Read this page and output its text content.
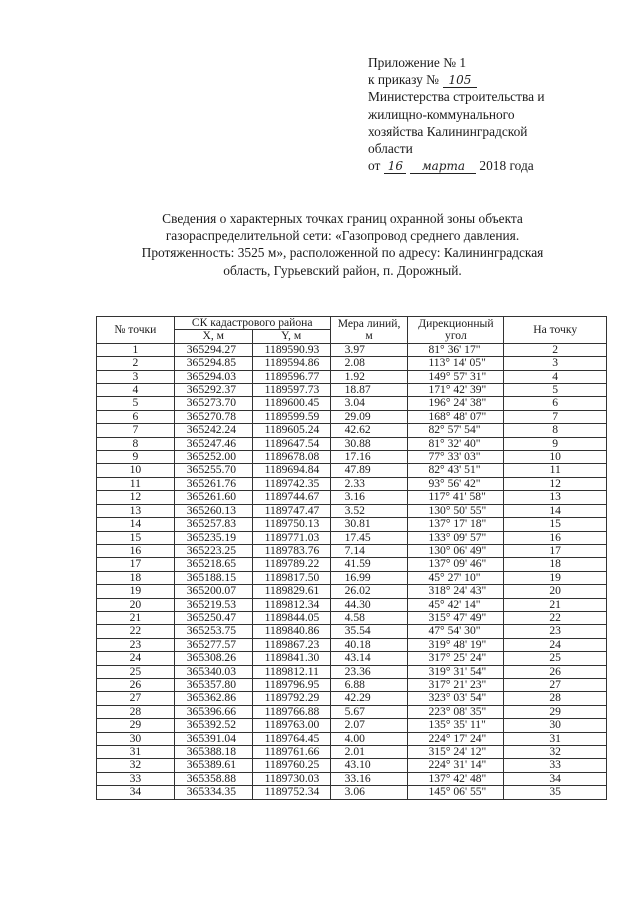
Приложение № 1
к приказу № 105
Министерства строительства и
жилищно-коммунального
хозяйства Калининградской
области
от 16 марта 2018 года
Сведения о характерных точках границ охранной зоны объекта
газораспределительной сети: «Газопровод среднего давления.
Протяженность: 3525 м», расположенной по адресу: Калининградская
область, Гурьевский район, п. Дорожный.
№ точки	СК кадастрового района		Мера линий, м	Дирекционный угол	На точку
	X, м	Y, м			
1	365294.27	1189590.93	3.97	81° 36' 17"	2
2	365294.85	1189594.86	2.08	113° 14' 05"	3
3	365294.03	1189596.77	1.92	149° 57' 31"	4
4	365292.37	1189597.73	18.87	171° 42' 39"	5
5	365273.70	1189600.45	3.04	196° 24' 38"	6
6	365270.78	1189599.59	29.09	168° 48' 07"	7
7	365242.24	1189605.24	42.62	82° 57' 54"	8
8	365247.46	1189647.54	30.88	81° 32' 40"	9
9	365252.00	1189678.08	17.16	77° 33' 03"	10
10	365255.70	1189694.84	47.89	82° 43' 51"	11
11	365261.76	1189742.35	2.33	93° 56' 42"	12
12	365261.60	1189744.67	3.16	117° 41' 58"	13
13	365260.13	1189747.47	3.52	130° 50' 55"	14
14	365257.83	1189750.13	30.81	137° 17' 18"	15
15	365235.19	1189771.03	17.45	133° 09' 57"	16
16	365223.25	1189783.76	7.14	130° 06' 49"	17
17	365218.65	1189789.22	41.59	137° 09' 46"	18
18	365188.15	1189817.50	16.99	45° 27' 10"	19
19	365200.07	1189829.61	26.02	318° 24' 43"	20
20	365219.53	1189812.34	44.30	45° 42' 14"	21
21	365250.47	1189844.05	4.58	315° 47' 49"	22
22	365253.75	1189840.86	35.54	47° 54' 30"	23
23	365277.57	1189867.23	40.18	319° 48' 19"	24
24	365308.26	1189841.30	43.14	317° 25' 24"	25
25	365340.03	1189812.11	23.36	319° 31' 54"	26
26	365357.80	1189796.95	6.88	317° 21' 23"	27
27	365362.86	1189792.29	42.29	323° 03' 54"	28
28	365396.66	1189766.88	5.67	223° 08' 35"	29
29	365392.52	1189763.00	2.07	135° 35' 11"	30
30	365391.04	1189764.45	4.00	224° 17' 24"	31
31	365388.18	1189761.66	2.01	315° 24' 12"	32
32	365389.61	1189760.25	43.10	224° 31' 14"	33
33	365358.88	1189730.03	33.16	137° 42' 48"	34
34	365334.35	1189752.34	3.06	145° 06' 55"	35
